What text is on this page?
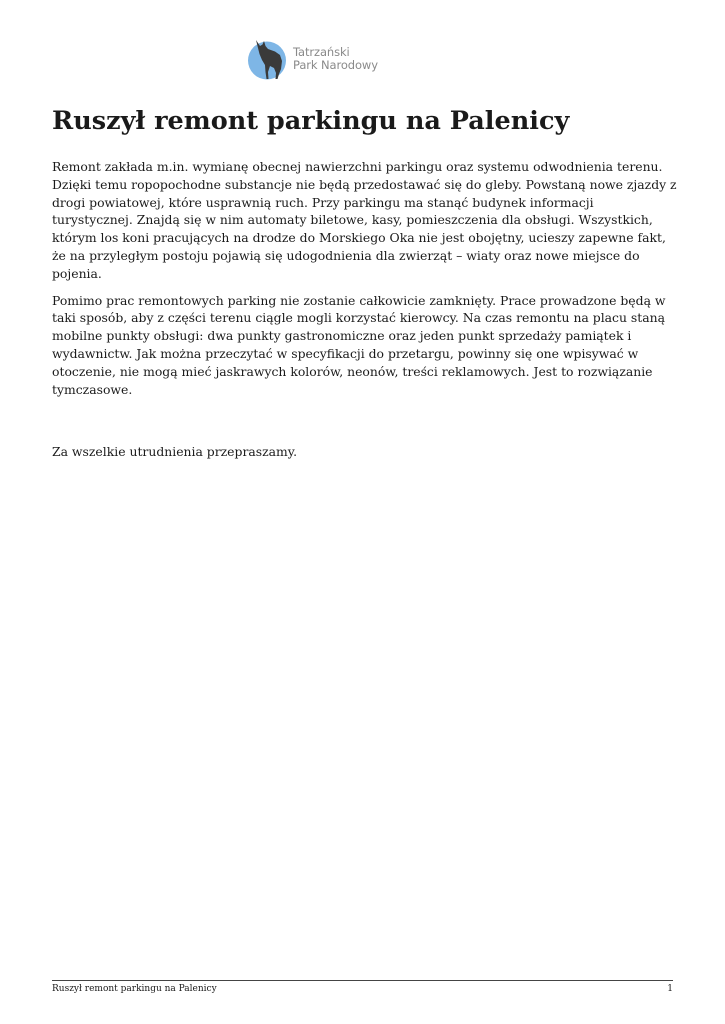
Tatrzański
Park Narodowy
Ruszył remont parkingu na Palenicy

Remont zakłada m.in. wymianę obecnej nawierzchni parkingu oraz systemu odwodnienia terenu. Dzięki temu ropopochodne substancje nie będą przedostawać się do gleby. Powstaną nowe zjazdy z drogi powiatowej, które usprawnią ruch. Przy parkingu ma stanąć budynek informacji turystycznej. Znajdą się w nim automaty biletowe, kasy, pomieszczenia dla obsługi. Wszystkich, którym los koni pracujących na drodze do Morskiego Oka nie jest obojętny, ucieszy zapewne fakt, że na przyległym postoju pojawią się udogodnienia dla zwierząt – wiaty oraz nowe miejsce do pojenia.

Pomimo prac remontowych parking nie zostanie całkowicie zamknięty. Prace prowadzone będą w taki sposób, aby z części terenu ciągle mogli korzystać kierowcy. Na czas remontu na placu staną mobilne punkty obsługi: dwa punkty gastronomiczne oraz jeden punkt sprzedaży pamiątek i wydawnictw. Jak można przeczytać w specyfikacji do przetargu, powinny się one wpisywać w otoczenie, nie mogą mieć jaskrawych kolorów, neonów, treści reklamowych. Jest to rozwiązanie tymczasowe.

Za wszelkie utrudnienia przepraszamy.

Ruszył remont parkingu na Palenicy	1
